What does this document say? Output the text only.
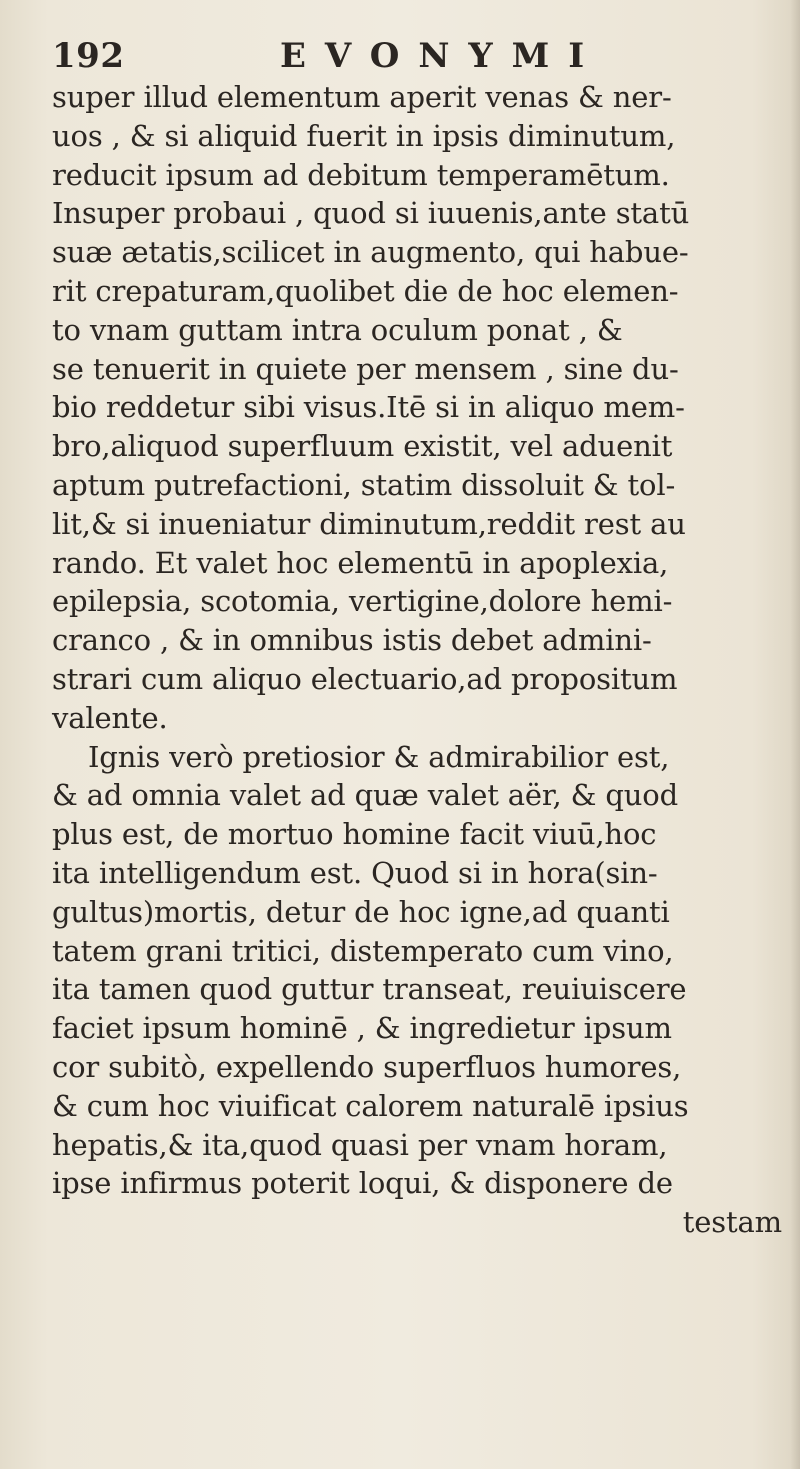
192	EVONYMI
super illud elementum aperit venas & ner-
uos , & si aliquid fuerit in ipsis diminutum,
reducit ipsum ad debitum temperamētum.
Insuper probaui , quod si iuuenis,ante statū
suæ ætatis,scilicet in augmento, qui habue-
rit crepaturam,quolibet die de hoc elemen-
to vnam guttam intra oculum ponat , &
se tenuerit in quiete per mensem , sine du-
bio reddetur sibi visus.Itē si in aliquo mem-
bro,aliquod superfluum existit, vel aduenit
aptum putrefactioni, statim dissoluit & tol-
lit,& si inueniatur diminutum,reddit rest au
rando. Et valet hoc elementū in apoplexia,
epilepsia, scotomia, vertigine,dolore hemi-
cranco , & in omnibus istis debet admini-
strari cum aliquo electuario,ad propositum
valente.
Ignis verò pretiosior & admirabilior est,
& ad omnia valet ad quæ valet aër, & quod
plus est, de mortuo homine facit viuū,hoc
ita intelligendum est. Quod si in hora(sin-
gultus)mortis, detur de hoc igne,ad quanti
tatem grani tritici, distemperato cum vino,
ita tamen quod guttur transeat, reuiuiscere
faciet ipsum hominē , & ingredietur ipsum
cor subitò, expellendo superfluos humores,
& cum hoc viuificat calorem naturalē ipsius
hepatis,& ita,quod quasi per vnam horam,
ipse infirmus poterit loqui, & disponere de
testam
